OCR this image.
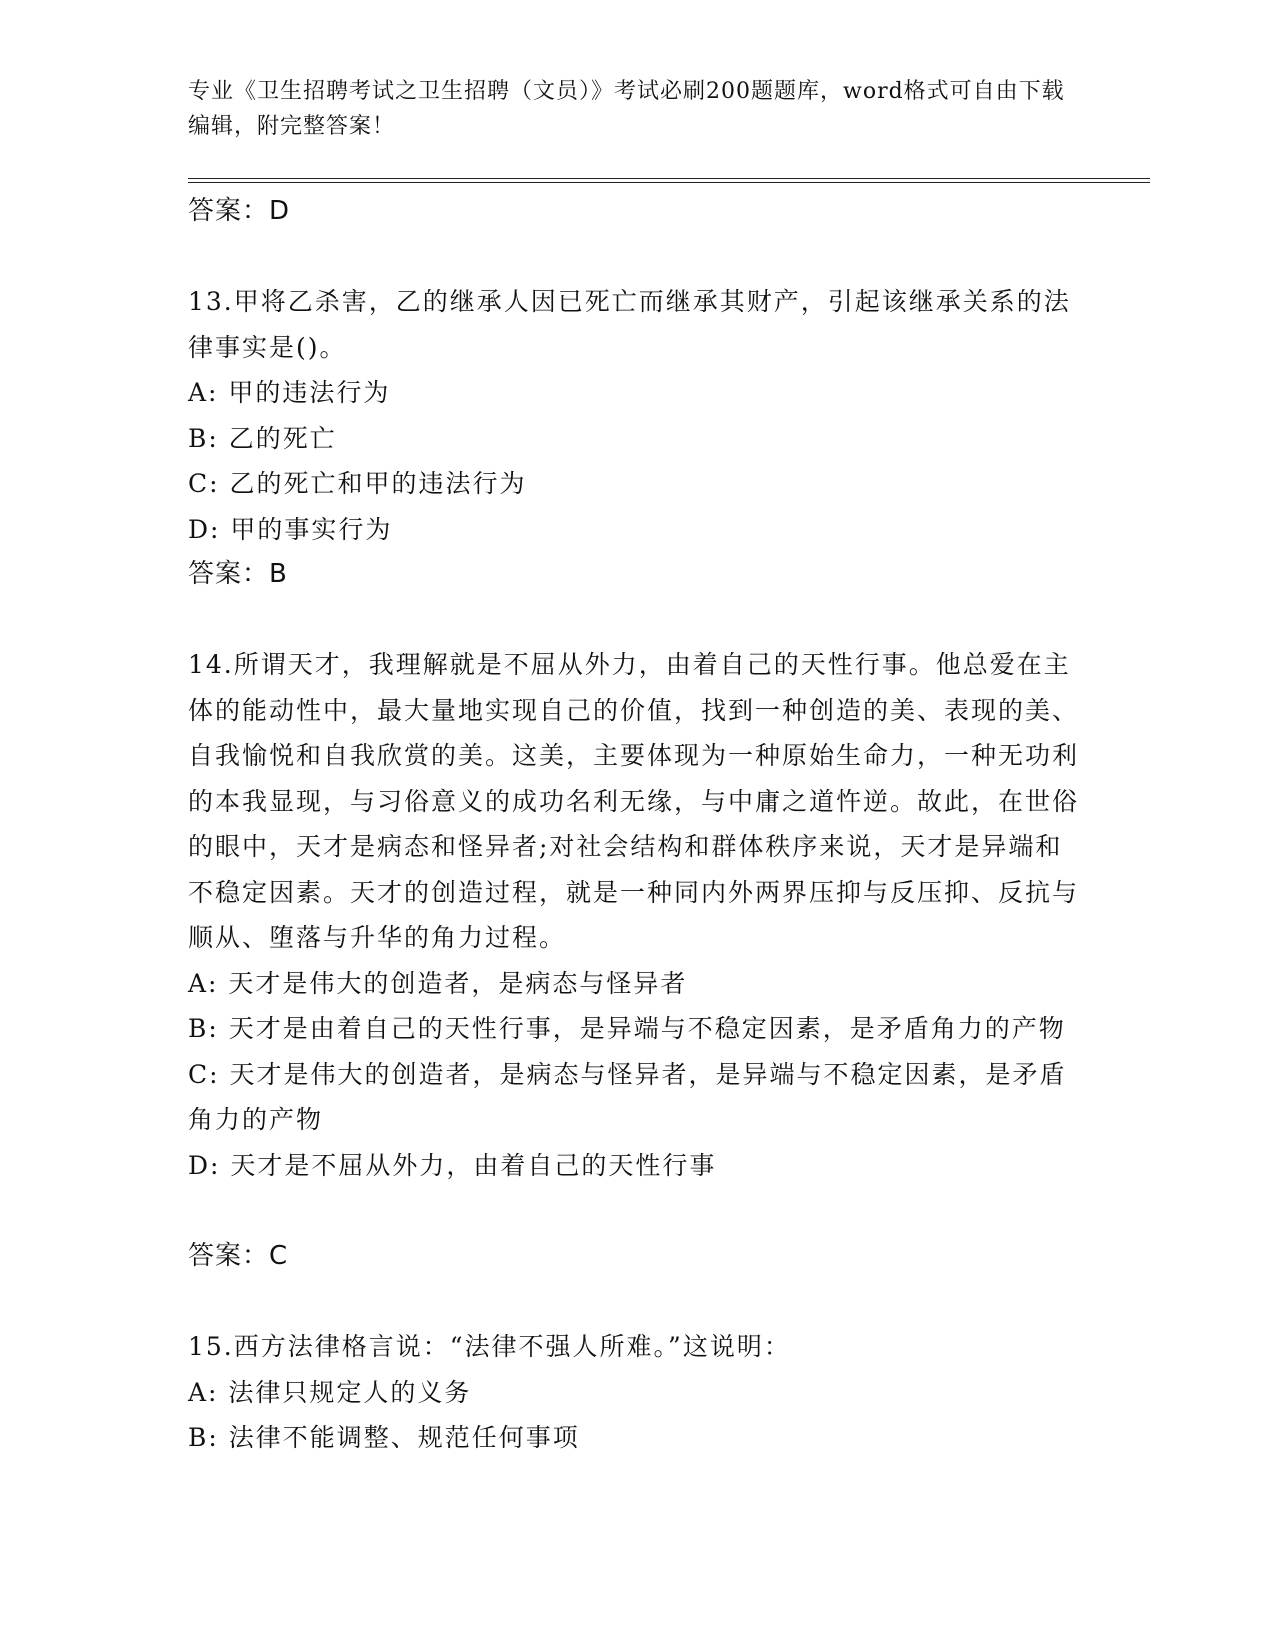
专业《卫生招聘考试之卫生招聘（文员）》考试必刷200题题库，word格式可自由下载编辑，附完整答案！
答案：D

13.甲将乙杀害，乙的继承人因已死亡而继承其财产，引起该继承关系的法律事实是()。

A: 甲的违法行为

B: 乙的死亡

C: 乙的死亡和甲的违法行为

D: 甲的事实行为

答案：B

14.所谓天才，我理解就是不屈从外力，由着自己的天性行事。他总爱在主体的能动性中，最大量地实现自己的价值，找到一种创造的美、表现的美、自我愉悦和自我欣赏的美。这美，主要体现为一种原始生命力，一种无功利的本我显现，与习俗意义的成功名利无缘，与中庸之道忤逆。故此，在世俗的眼中，天才是病态和怪异者;对社会结构和群体秩序来说，天才是异端和不稳定因素。天才的创造过程，就是一种同内外两界压抑与反压抑、反抗与顺从、堕落与升华的角力过程。

A: 天才是伟大的创造者，是病态与怪异者

B: 天才是由着自己的天性行事，是异端与不稳定因素，是矛盾角力的产物

C: 天才是伟大的创造者，是病态与怪异者，是异端与不稳定因素，是矛盾角力的产物

D: 天才是不屈从外力，由着自己的天性行事

答案：C

15.西方法律格言说：“法律不强人所难。”这说明：

A: 法律只规定人的义务

B: 法律不能调整、规范任何事项
